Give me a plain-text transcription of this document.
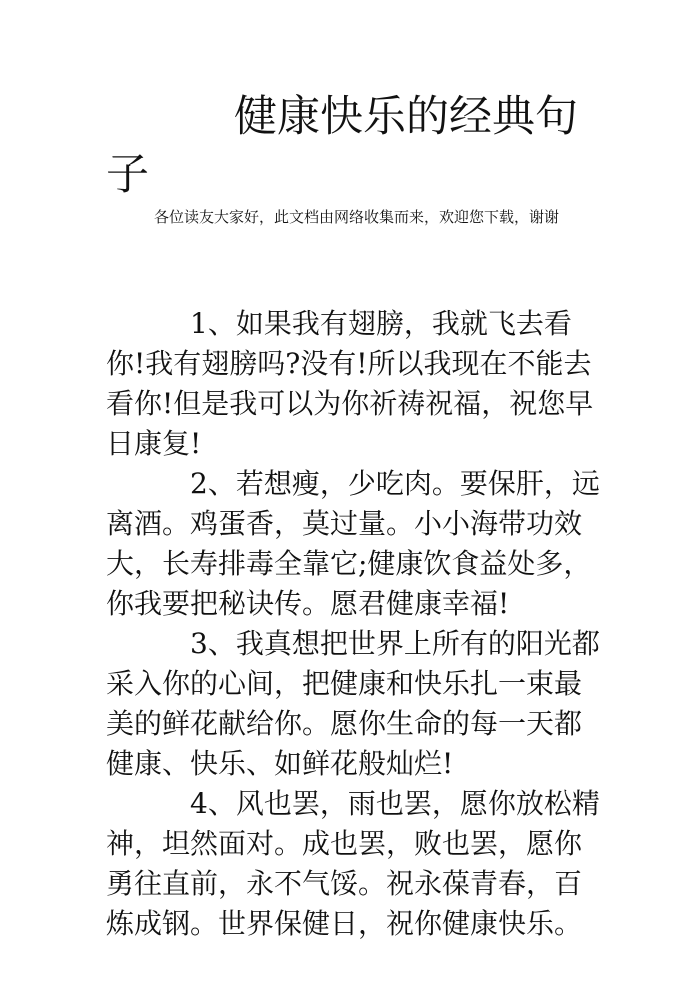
健康快乐的经典句子

各位读友大家好，此文档由网络收集而来，欢迎您下载，谢谢

1、如果我有翅膀，我就飞去看你!我有翅膀吗?没有!所以我现在不能去看你!但是我可以为你祈祷祝福，祝您早日康复!

2、若想瘦，少吃肉。要保肝，远离酒。鸡蛋香，莫过量。小小海带功效大，长寿排毒全靠它;健康饮食益处多，你我要把秘诀传。愿君健康幸福!

3、我真想把世界上所有的阳光都采入你的心间，把健康和快乐扎一束最美的鲜花献给你。愿你生命的每一天都健康、快乐、如鲜花般灿烂!

4、风也罢，雨也罢，愿你放松精神，坦然面对。成也罢，败也罢，愿你勇往直前，永不气馁。祝永葆青春，百炼成钢。世界保健日，祝你健康快乐。
